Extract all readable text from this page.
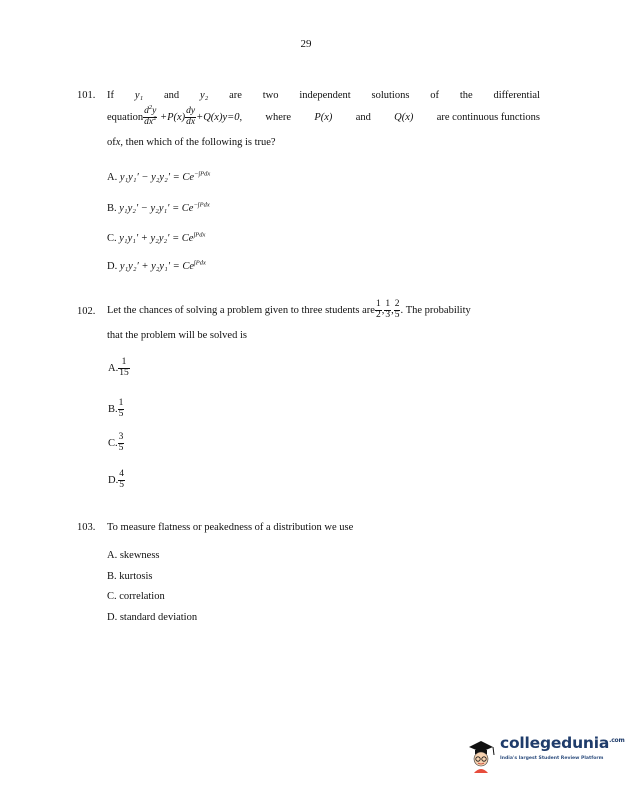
29
101. If y₁ and y₂ are two independent solutions of the differential
equation $\frac{d^2y}{dx^2} +P(x) \frac{dy}{dx} +Q(x)y=0$ , where P(x) and Q(x) are continuous functions
ofx, then which of the following is true?
A. $y_1y_1' - y_2y_2' = Ce^{-\int Pdx}$
B. $y_1y_2' - y_2y_1' = Ce^{-\int Pdx}$
C. $y_1y_1' + y_2y_2' = Ce^{\int Pdx}$
D. $y_1y_2' + y_2y_1' = Ce^{\int Pdx}$
102. Let the chances of solving a problem given to three students are $\frac{1}{2}$ , $\frac{1}{3}$ , $\frac{2}{5}$ . The probability
that the problem will be solved is
A. $\frac{1}{15}$
B. $\frac{1}{5}$
C. $\frac{3}{5}$
D. $\frac{4}{5}$
103. To measure flatness or peakedness of a distribution we use
A. skewness
B. kurtosis
C. correlation
D. standard deviation
collegedunia$^{.com}$
India's largest Student Review Platform
